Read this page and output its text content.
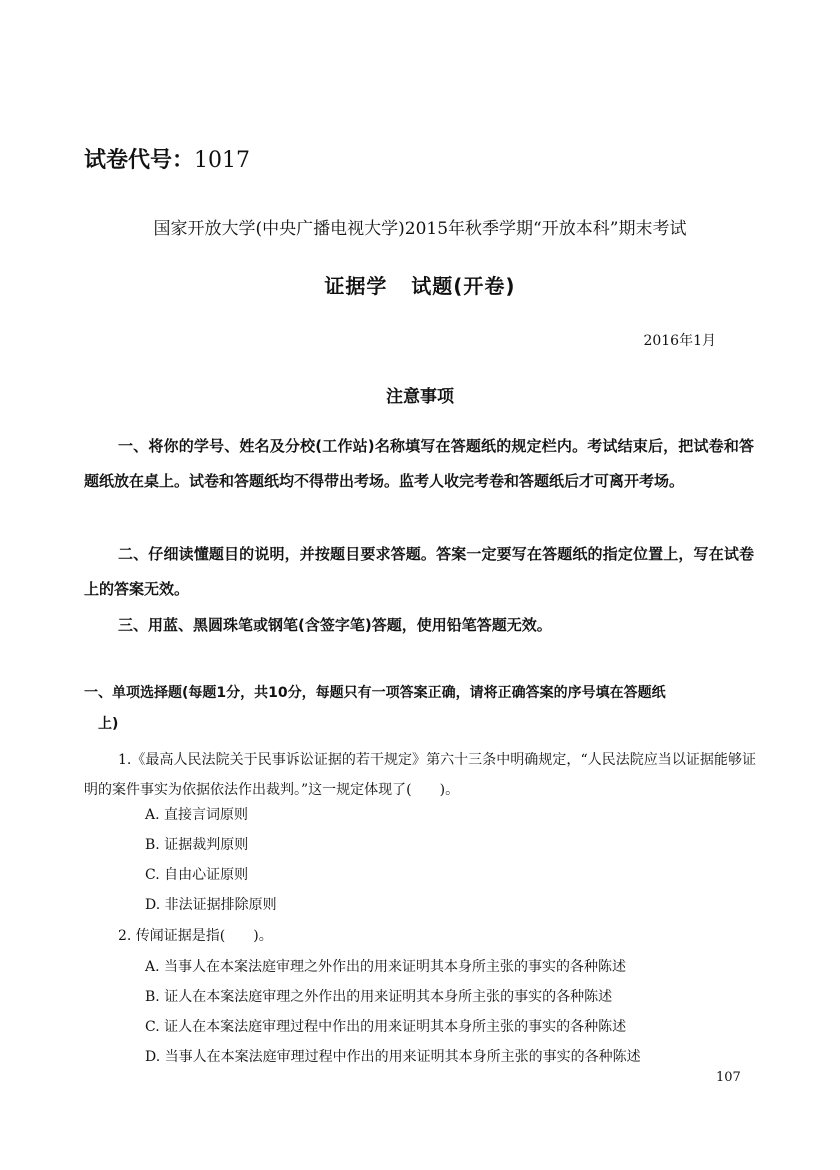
试卷代号：1017
国家开放大学(中央广播电视大学)2015年秋季学期“开放本科”期末考试
证据学   试题(开卷)
2016年1月
注意事项
一、将你的学号、姓名及分校(工作站)名称填写在答题纸的规定栏内。考试结束后，把试卷和答题纸放在桌上。试卷和答题纸均不得带出考场。监考人收完考卷和答题纸后才可离开考场。
二、仔细读懂题目的说明，并按题目要求答题。答案一定要写在答题纸的指定位置上，写在试卷上的答案无效。
三、用蓝、黑圆珠笔或钢笔(含签字笔)答题，使用铅笔答题无效。
一、单项选择题(每题1分，共10分，每题只有一项答案正确，请将正确答案的序号填在答题纸
上)
1.《最高人民法院关于民事诉讼证据的若干规定》第六十三条中明确规定，“人民法院应当以证据能够证明的案件事实为依据依法作出裁判。”这一规定体现了(　　)。
A. 直接言词原则
B. 证据裁判原则
C. 自由心证原则
D. 非法证据排除原则
2. 传闻证据是指(　　)。
A. 当事人在本案法庭审理之外作出的用来证明其本身所主张的事实的各种陈述
B. 证人在本案法庭审理之外作出的用来证明其本身所主张的事实的各种陈述
C. 证人在本案法庭审理过程中作出的用来证明其本身所主张的事实的各种陈述
D. 当事人在本案法庭审理过程中作出的用来证明其本身所主张的事实的各种陈述
107
